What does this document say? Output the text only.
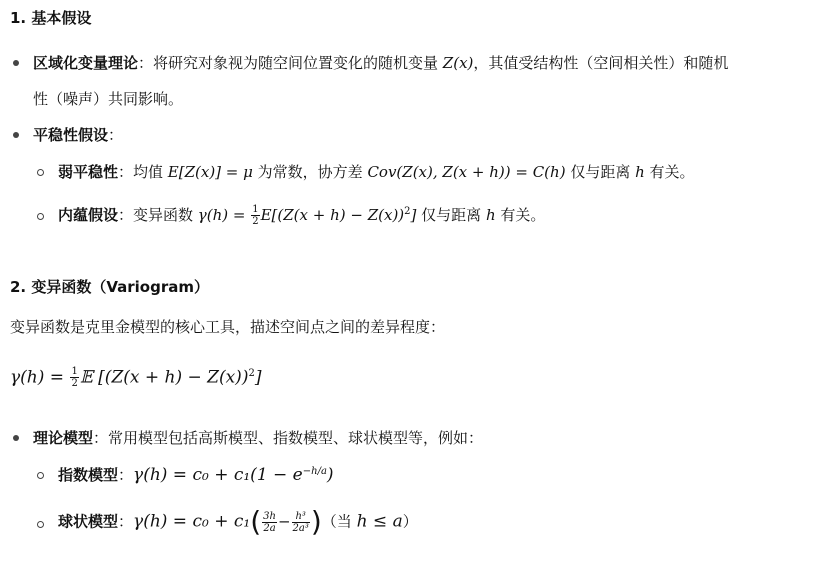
1. 基本假设
区域化变量理论：将研究对象视为随空间位置变化的随机变量 Z(x)，其值受结构性（空间相关性）和随机
性（噪声）共同影响。
平稳性假设：
弱平稳性：均值 E[Z(x)] = μ 为常数，协方差 Cov(Z(x), Z(x + h)) = C(h) 仅与距离 h 有关。
内蕴假设：变异函数 $\gamma(h) = \frac{1}{2} E[(Z(x + h) - Z(x))^2]$ 仅与距离 h 有关。
2. 变异函数（Variogram）
变异函数是克里金模型的核心工具，描述空间点之间的差异程度：
$\gamma(h) = \frac{1}{2}$ 𝔼 $[(Z(x + h) - Z(x))^2]$
理论模型：常用模型包括高斯模型、指数模型、球状模型等，例如：
指数模型：$\gamma(h) = c_0 + c_1(1 - e^{-h/a})$
球状模型：$\gamma(h) = c_0 + c_1( \frac{3h}{2a} - \frac{\text{h³}}{\text{2a³}}$ )（当 h ≤ a）
